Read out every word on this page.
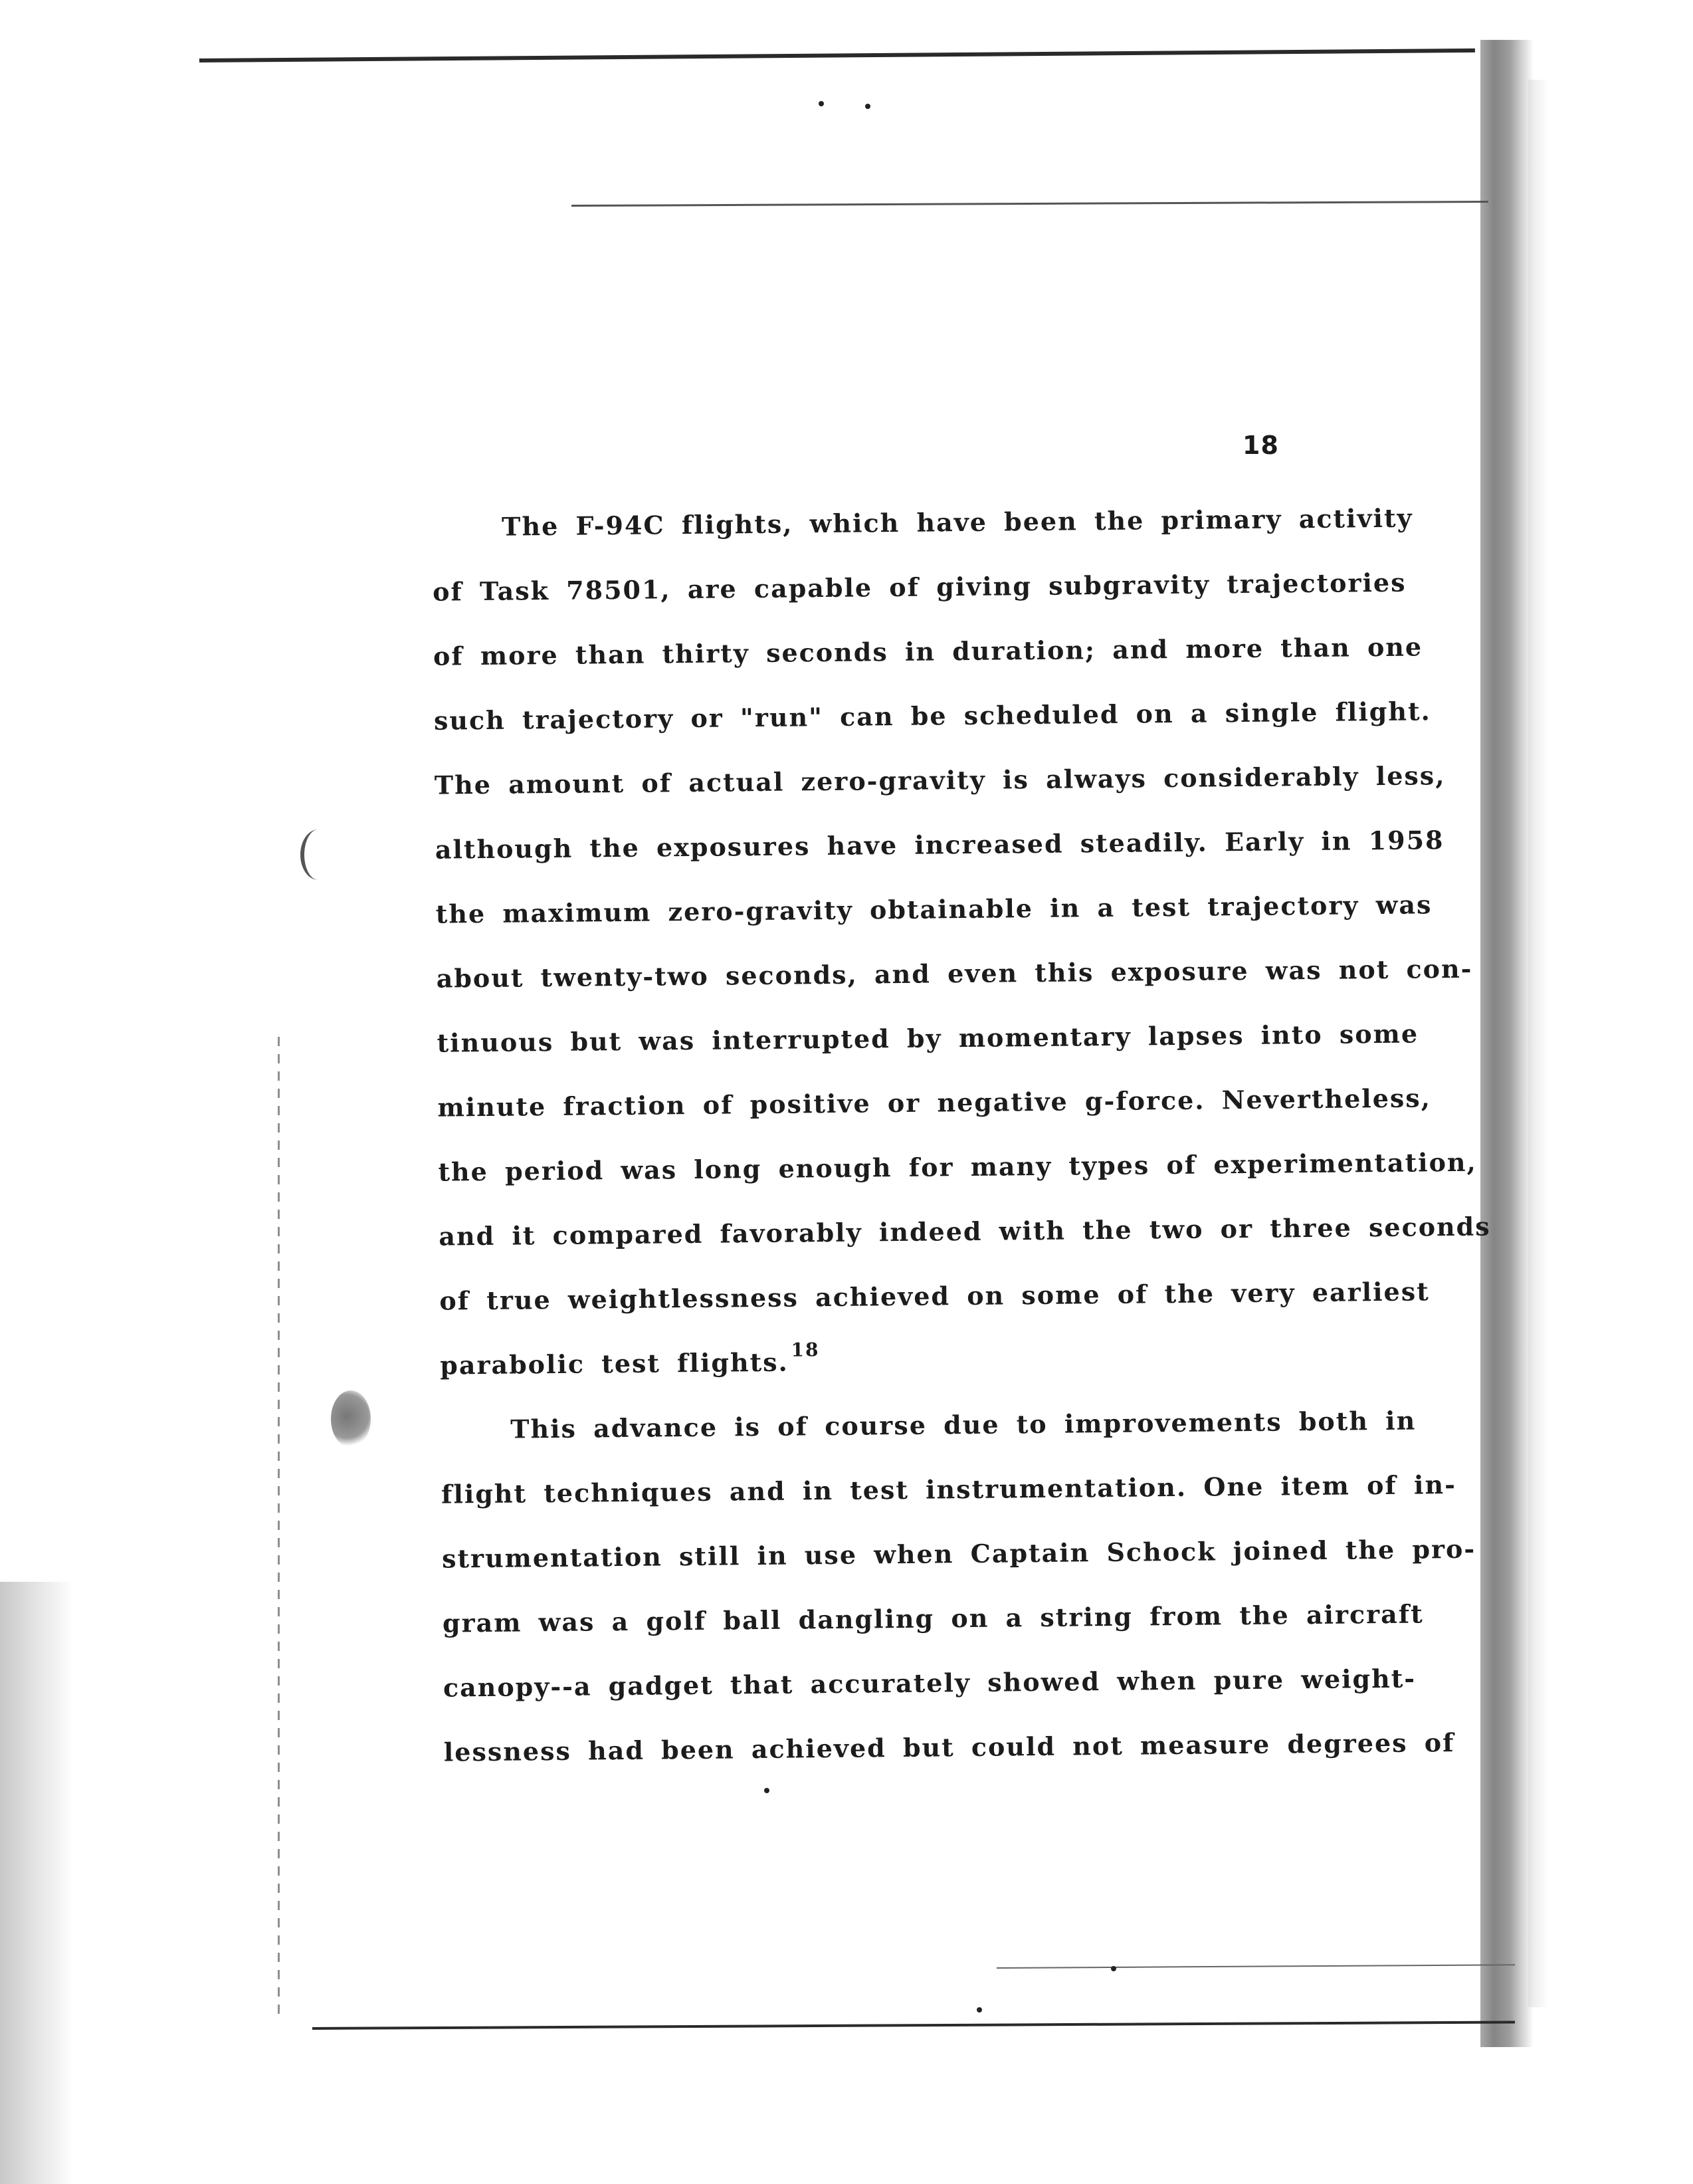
18
The F-94C flights, which have been the primary activity
of Task 78501, are capable of giving subgravity trajectories
of more than thirty seconds in duration; and more than one
such trajectory or "run" can be scheduled on a single flight.
The amount of actual zero-gravity is always considerably less,
although the exposures have increased steadily. Early in 1958
the maximum zero-gravity obtainable in a test trajectory was
about twenty-two seconds, and even this exposure was not con-
tinuous but was interrupted by momentary lapses into some
minute fraction of positive or negative g-force. Nevertheless,
the period was long enough for many types of experimentation,
and it compared favorably indeed with the two or three seconds
of true weightlessness achieved on some of the very earliest
parabolic test flights. $^{18}$
This advance is of course due to improvements both in
flight techniques and in test instrumentation. One item of in-
strumentation still in use when Captain Schock joined the pro-
gram was a golf ball dangling on a string from the aircraft
canopy--a gadget that accurately showed when pure weight-
lessness had been achieved but could not measure degrees of
